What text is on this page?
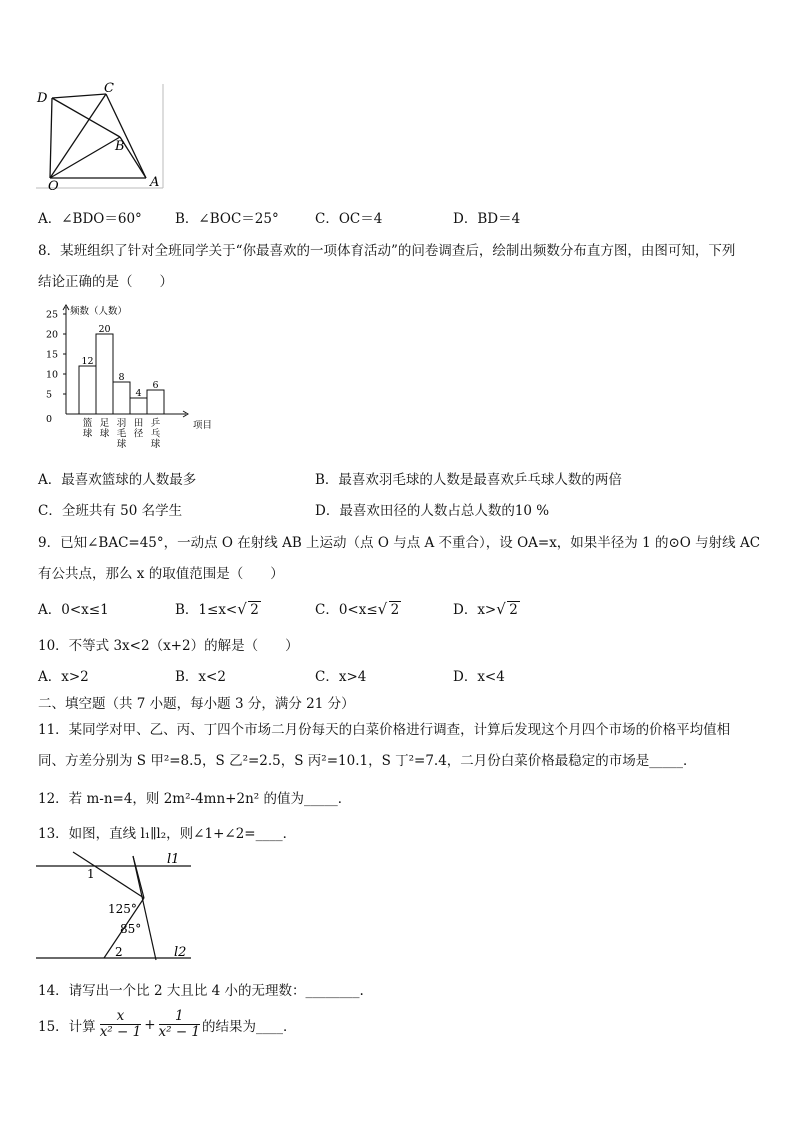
D
C
B
O	A
A．∠BDO＝60° B．∠BOC＝25°	C．OC＝4	D．BD＝4
8．某班组织了针对全班同学关于“你最喜欢的一项体育活动”的问卷调查后，绘制出频数分布直方图，由图可知，下列
结论正确的是（　　）
频数（人数）
0
5
10
15
20
25
项目
12
篮
球
20
足
球
8
羽
毛
球
4
田
径
6
乒
乓
球
A．最喜欢篮球的人数最多	B．最喜欢羽毛球的人数是最喜欢乒乓球人数的两倍
C．全班共有 50 名学生	D．最喜欢田径的人数占总人数的10 %
9．已知∠BAC=45°，一动点 O 在射线 AB 上运动（点 O 与点 A 不重合），设 OA=x，如果半径为 1 的⊙O 与射线 AC
有公共点，那么 x 的取值范围是（　　）
A．0<x≤1	B．1≤x<√ 2	C．0<x≤√ 2	D．x>√ 2
10．不等式 3x<2（x+2）的解是（　　）
A．x>2	B．x<2	C．x>4	D．x<4
二、填空题（共 7 小题，每小题 3 分，满分 21 分）
11．某同学对甲、乙、丙、丁四个市场二月份每天的白菜价格进行调查，计算后发现这个月四个市场的价格平均值相
同、方差分别为 S 甲²=8.5，S 乙²=2.5，S 丙²=10.1，S 丁²=7.4，二月份白菜价格最稳定的市场是_____．
12．若 m-n=4，则 2m²-4mn+2n² 的值为_____．
13．如图，直线 l₁∥l₂，则∠1+∠2=____．
l1
l2
1
2
125°
85°
14．请写出一个比 2 大且比 4 小的无理数：________.
15．计算 $\frac{x}{\text{x² − 1}} + \frac{1}{\text{x² − 1}}$ 的结果为____．
